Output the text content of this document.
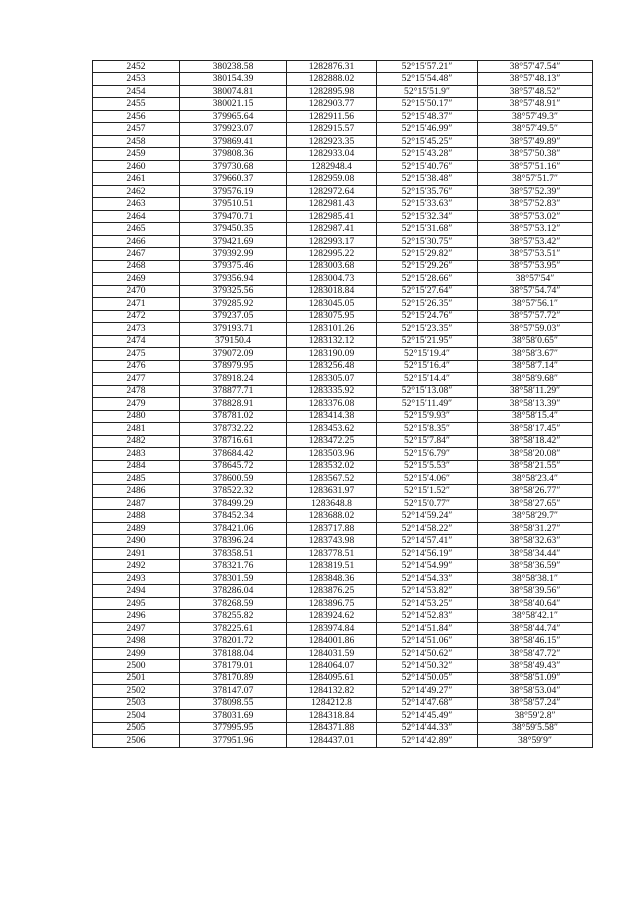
2452	380238.58	1282876.31	52°15′57.21″	38°57′47.54″
2453	380154.39	1282888.02	52°15′54.48″	38°57′48.13″
2454	380074.81	1282895.98	52°15′51.9″	38°57′48.52″
2455	380021.15	1282903.77	52°15′50.17″	38°57′48.91″
2456	379965.64	1282911.56	52°15′48.37″	38°57′49.3″
2457	379923.07	1282915.57	52°15′46.99″	38°57′49.5″
2458	379869.41	1282923.35	52°15′45.25″	38°57′49.89″
2459	379808.36	1282933.04	52°15′43.28″	38°57′50.38″
2460	379730.68	1282948.4	52°15′40.76″	38°57′51.16″
2461	379660.37	1282959.08	52°15′38.48″	38°57′51.7″
2462	379576.19	1282972.64	52°15′35.76″	38°57′52.39″
2463	379510.51	1282981.43	52°15′33.63″	38°57′52.83″
2464	379470.71	1282985.41	52°15′32.34″	38°57′53.02″
2465	379450.35	1282987.41	52°15′31.68″	38°57′53.12″
2466	379421.69	1282993.17	52°15′30.75″	38°57′53.42″
2467	379392.99	1282995.22	52°15′29.82″	38°57′53.51″
2468	379375.46	1283003.68	52°15′29.26″	38°57′53.95″
2469	379356.94	1283004.73	52°15′28.66″	38°57′54″
2470	379325.56	1283018.84	52°15′27.64″	38°57′54.74″
2471	379285.92	1283045.05	52°15′26.35″	38°57′56.1″
2472	379237.05	1283075.95	52°15′24.76″	38°57′57.72″
2473	379193.71	1283101.26	52°15′23.35″	38°57′59.03″
2474	379150.4	1283132.12	52°15′21.95″	38°58′0.65″
2475	379072.09	1283190.09	52°15′19.4″	38°58′3.67″
2476	378979.95	1283256.48	52°15′16.4″	38°58′7.14″
2477	378918.24	1283305.07	52°15′14.4″	38°58′9.68″
2478	378877.71	1283335.92	52°15′13.08″	38°58′11.29″
2479	378828.91	1283376.08	52°15′11.49″	38°58′13.39″
2480	378781.02	1283414.38	52°15′9.93″	38°58′15.4″
2481	378732.22	1283453.62	52°15′8.35″	38°58′17.45″
2482	378716.61	1283472.25	52°15′7.84″	38°58′18.42″
2483	378684.42	1283503.96	52°15′6.79″	38°58′20.08″
2484	378645.72	1283532.02	52°15′5.53″	38°58′21.55″
2485	378600.59	1283567.52	52°15′4.06″	38°58′23.4″
2486	378522.32	1283631.97	52°15′1.52″	38°58′26.77″
2487	378499.29	1283648.8	52°15′0.77″	38°58′27.65″
2488	378452.34	1283688.02	52°14′59.24″	38°58′29.7″
2489	378421.06	1283717.88	52°14′58.22″	38°58′31.27″
2490	378396.24	1283743.98	52°14′57.41″	38°58′32.63″
2491	378358.51	1283778.51	52°14′56.19″	38°58′34.44″
2492	378321.76	1283819.51	52°14′54.99″	38°58′36.59″
2493	378301.59	1283848.36	52°14′54.33″	38°58′38.1″
2494	378286.04	1283876.25	52°14′53.82″	38°58′39.56″
2495	378268.59	1283896.75	52°14′53.25″	38°58′40.64″
2496	378255.82	1283924.62	52°14′52.83″	38°58′42.1″
2497	378225.61	1283974.84	52°14′51.84″	38°58′44.74″
2498	378201.72	1284001.86	52°14′51.06″	38°58′46.15″
2499	378188.04	1284031.59	52°14′50.62″	38°58′47.72″
2500	378179.01	1284064.07	52°14′50.32″	38°58′49.43″
2501	378170.89	1284095.61	52°14′50.05″	38°58′51.09″
2502	378147.07	1284132.82	52°14′49.27″	38°58′53.04″
2503	378098.55	1284212.8	52°14′47.68″	38°58′57.24″
2504	378031.69	1284318.84	52°14′45.49″	38°59′2.8″
2505	377995.95	1284371.88	52°14′44.33″	38°59′5.58″
2506	377951.96	1284437.01	52°14′42.89″	38°59′9″
